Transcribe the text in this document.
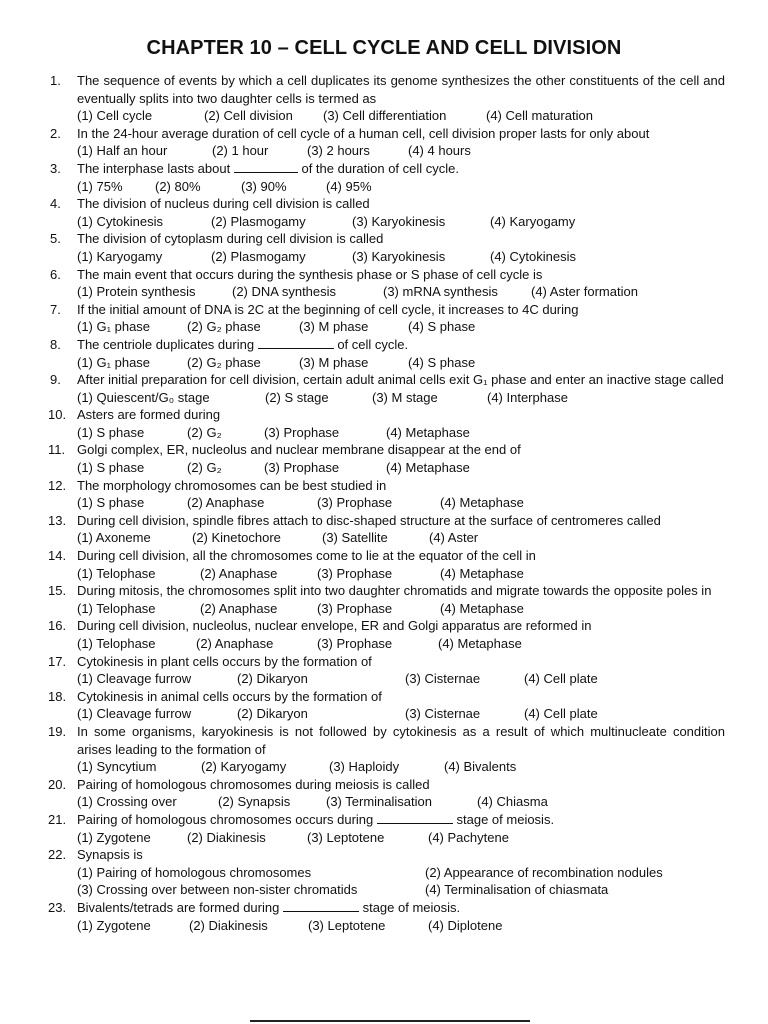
CHAPTER 10 – CELL CYCLE AND CELL DIVISION
1.	The sequence of events by which a cell duplicates its genome synthesizes the other constituents of the cell and eventually splits into two daughter cells is termed as
(1) Cell cycle	(2) Cell division (3) Cell differentiation	(4) Cell maturation
2.	In the 24-hour average duration of cell cycle of a human cell, cell division proper lasts for only about
(1) Half an hour	(2) 1 hour	(3) 2 hours	(4) 4 hours
3.	The interphase lasts about	of the duration of cell cycle.
(1) 75% (2) 80%	(3) 90%	(4) 95%
4.	The division of nucleus during cell division is called
(1) Cytokinesis	(2) Plasmogamy	(3) Karyokinesis	(4) Karyogamy
5.	The division of cytoplasm during cell division is called
(1) Karyogamy	(2) Plasmogamy	(3) Karyokinesis	(4) Cytokinesis
6.	The main event that occurs during the synthesis phase or S phase of cell cycle is
(1) Protein synthesis	(2) DNA synthesis	(3) mRNA synthesis	(4) Aster formation
7.	If the initial amount of DNA is 2C at the beginning of cell cycle, it increases to 4C during
(1) G₁ phase	(2) G₂ phase	(3) M phase	(4) S phase
8.	The centriole duplicates during	of cell cycle.
(1) G₁ phase	(2) G₂ phase	(3) M phase	(4) S phase
9.	After initial preparation for cell division, certain adult animal cells exit G₁ phase and enter an inactive stage called
(1) Quiescent/G₀ stage	(2) S stage	(3) M stage	(4) Interphase
10. Asters are formed during
(1) S phase	(2) G₂	(3) Prophase	(4) Metaphase
11. Golgi complex, ER, nucleolus and nuclear membrane disappear at the end of
(1) S phase	(2) G₂	(3) Prophase	(4) Metaphase
12. The morphology chromosomes can be best studied in
(1) S phase	(2) Anaphase	(3) Prophase	(4) Metaphase
13. During cell division, spindle fibres attach to disc-shaped structure at the surface of centromeres called
(1) Axoneme	(2) Kinetochore	(3) Satellite	(4) Aster
14. During cell division, all the chromosomes come to lie at the equator of the cell in
(1) Telophase	(2) Anaphase	(3) Prophase	(4) Metaphase
15. During mitosis, the chromosomes split into two daughter chromatids and migrate towards the opposite poles in
(1) Telophase	(2) Anaphase	(3) Prophase	(4) Metaphase
16. During cell division, nucleolus, nuclear envelope, ER and Golgi apparatus are reformed in
(1) Telophase	(2) Anaphase	(3) Prophase	(4) Metaphase
17. Cytokinesis in plant cells occurs by the formation of
(1) Cleavage furrow	(2) Dikaryon	(3) Cisternae	(4) Cell plate
18. Cytokinesis in animal cells occurs by the formation of
(1) Cleavage furrow	(2) Dikaryon	(3) Cisternae	(4) Cell plate
19. In some organisms, karyokinesis is not followed by cytokinesis as a result of which multinucleate condition arises leading to the formation of
(1) Syncytium	(2) Karyogamy	(3) Haploidy	(4) Bivalents
20. Pairing of homologous chromosomes during meiosis is called
(1) Crossing over	(2) Synapsis	(3) Terminalisation	(4) Chiasma
21. Pairing of homologous chromosomes occurs during	stage of meiosis.
(1) Zygotene	(2) Diakinesis	(3) Leptotene	(4) Pachytene
22. Synapsis is
(1) Pairing of homologous chromosomes	(2) Appearance of recombination nodules
(3) Crossing over between non-sister chromatids	(4) Terminalisation of chiasmata
23. Bivalents/tetrads are formed during	stage of meiosis.
(1) Zygotene	(2) Diakinesis	(3) Leptotene	(4) Diplotene
